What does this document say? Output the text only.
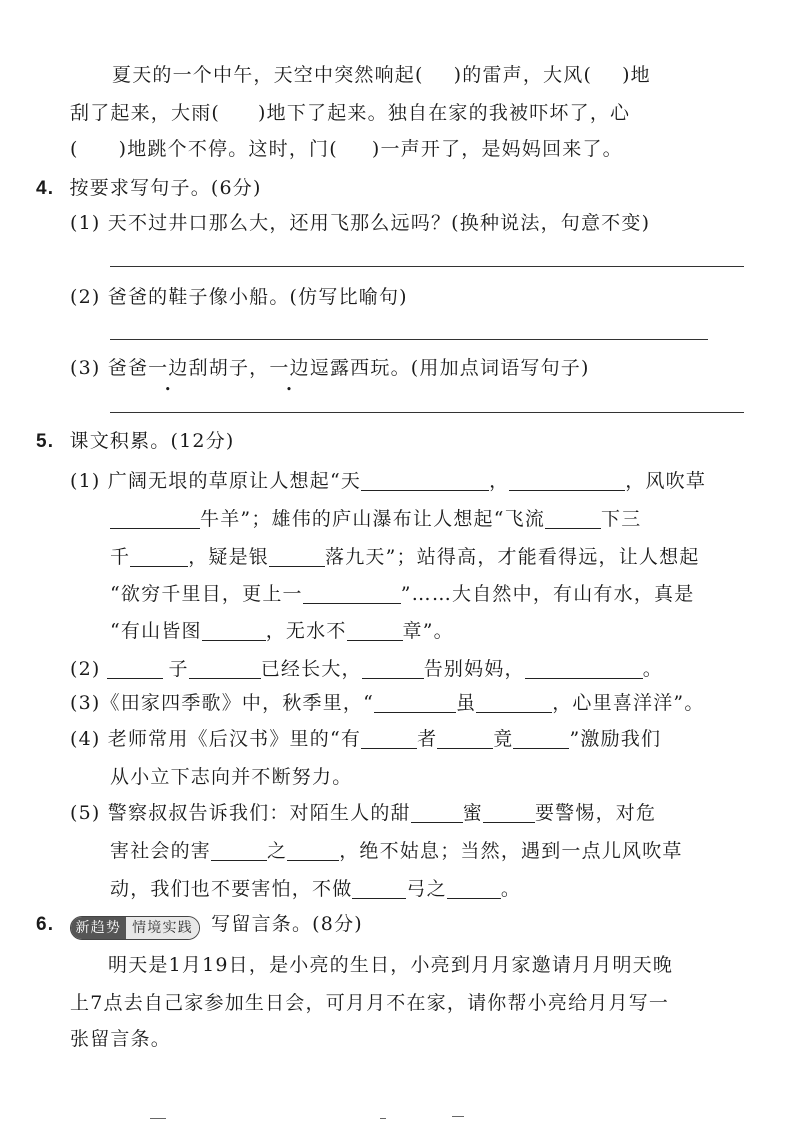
夏天的一个中午，天空中突然响起( )的雷声，大风( )地
刮了起来，大雨( )地下了起来。独自在家的我被吓坏了，心
( )地跳个不停。这时，门( )一声开了，是妈妈回来了。
4. 按要求写句子。(6分)
(1) 天不过井口那么大，还用飞那么远吗？(换种说法，句意不变)
(2) 爸爸的鞋子像小船。(仿写比喻句)
(3) 爸爸一边刮胡子，一边逗露西玩。(用加点词语写句子)
5. 课文积累。(12分)
(1) 广阔无垠的草原让人想起“天	，	，风吹草
牛羊”；雄伟的庐山瀑布让人想起“飞流	下三
千	，疑是银	落九天”；站得高，才能看得远，让人想起
“欲穷千里目，更上一	”……大自然中，有山有水，真是
“有山皆图	，无水不	章”。
(2)	子	已经长大，	告别妈妈，	。
(3)《田家四季歌》中，秋季里，“	虽	，心里喜洋洋”。
(4) 老师常用《后汉书》里的“有	者	竟	”激励我们
从小立下志向并不断努力。
(5) 警察叔叔告诉我们：对陌生人的甜	蜜	要警惕，对危
害社会的害	之	，绝不姑息；当然，遇到一点儿风吹草
动，我们也不要害怕，不做	弓之	。
6.	新趋势 情境实践 写留言条。(8分)
明天是1月19日，是小亮的生日，小亮到月月家邀请月月明天晚
上7点去自己家参加生日会，可月月不在家，请你帮小亮给月月写一
张留言条。
